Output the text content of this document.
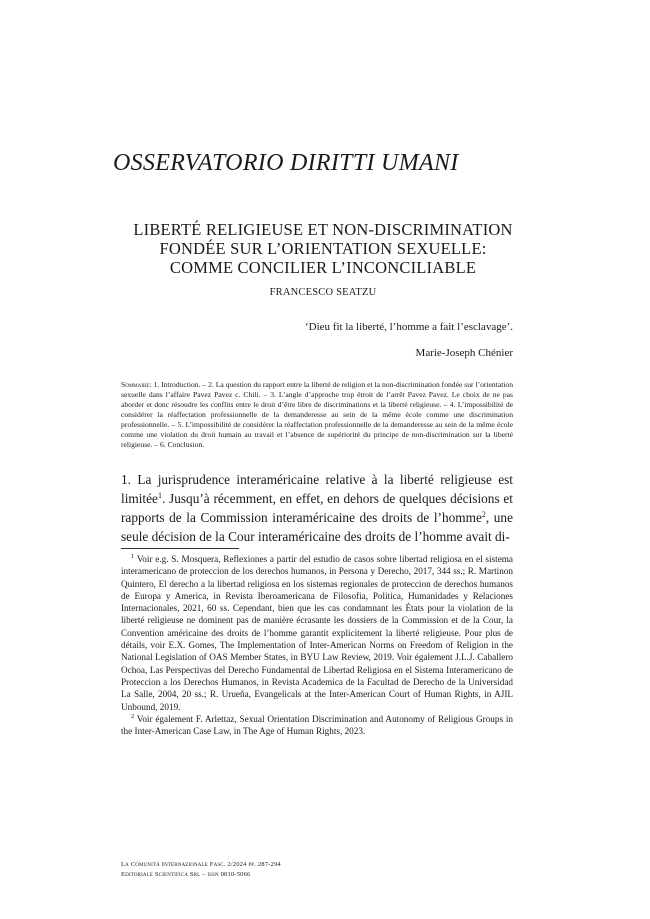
OSSERVATORIO DIRITTI UMANI
LIBERTÉ RELIGIEUSE ET NON-DISCRIMINATION
FONDÉE SUR L’ORIENTATION SEXUELLE:
COMME CONCILIER L’INCONCILIABLE
FRANCESCO SEATZU
‘Dieu fit la liberté, l’homme a fait l’esclavage’.
Marie-Joseph Chénier
Sommaire: 1. Introduction. – 2. La question du rapport entre la liberté de religion et la non-discrimination fondée sur l’orientation sexuelle dans l’affaire Pavez Pavez c. Chili. – 3. L’angle d’approche trop étroit de l’arrêt Pavez Pavez. Le choix de ne pas aborder et donc résoudre les conflits entre le droit d’être libre de discriminations et la liberté religieuse. – 4. L’impossibilité de considérer la réaffectation professionnelle de la demanderesse au sein de la même école comme une discrimination professionnelle. – 5. L’impossibilité de considérer la réaffectation professionnelle de la demanderesse au sein de la même école comme une violation du droit humain au travail et l’absence de supériorité du principe de non-discrimination sur la liberté religieuse. – 6. Conclusion.
1. La jurisprudence interaméricaine relative à la liberté religieuse est limitée$^1$. Jusqu’à récemment, en effet, en dehors de quelques décisions et rapports de la Commission interaméricaine des droits de l’homme$^2$, une seule décision de la Cour interaméricaine des droits de l’homme avait di-

$^1$ Voir e.g. S. Mosquera, Reflexiones a partir del estudio de casos sobre libertad religiosa en el sistema interamericano de proteccion de los derechos humanos, in Persona y Derecho, 2017, 344 ss.; R. Martinon Quintero, El derecho a la libertad religiosa en los sistemas regionales de proteccion de derechos humanos de Europa y America, in Revista Iberoamericana de Filosofia, Politica, Humanidades y Relaciones Internacionales, 2021, 60 ss. Cependant, bien que les cas condamnant les États pour la violation de la liberté religieuse ne dominent pas de manière écrasante les dossiers de la Commission et de la Cour, la Convention américaine des droits de l’homme garantit explicitement la liberté religieuse. Pour plus de détails, voir E.X. Gomes, The Implementation of Inter-American Norms on Freedom of Religion in the National Legislation of OAS Member States, in BYU Law Review, 2019. Voir également J.L.J. Caballero Ochoa, Las Perspectivas del Derecho Fundamental de Libertad Religiosa en el Sistema Interamericano de Proteccion a los Derechos Humanos, in Revista Academica de la Facultad de Derecho de la Universidad La Salle, 2004, 20 ss.; R. Urueña, Evangelicals at the Inter-American Court of Human Rights, in AJIL Unbound, 2019.

$^2$ Voir également F. Arlettaz, Sexual Orientation Discrimination and Autonomy of Religious Groups in the Inter-American Case Law, in The Age of Human Rights, 2023.

La Comunità Internazionale Fasc. 2/2024 pp. 287-294
Editoriale Scientifica Srl – issn 0010-5066
